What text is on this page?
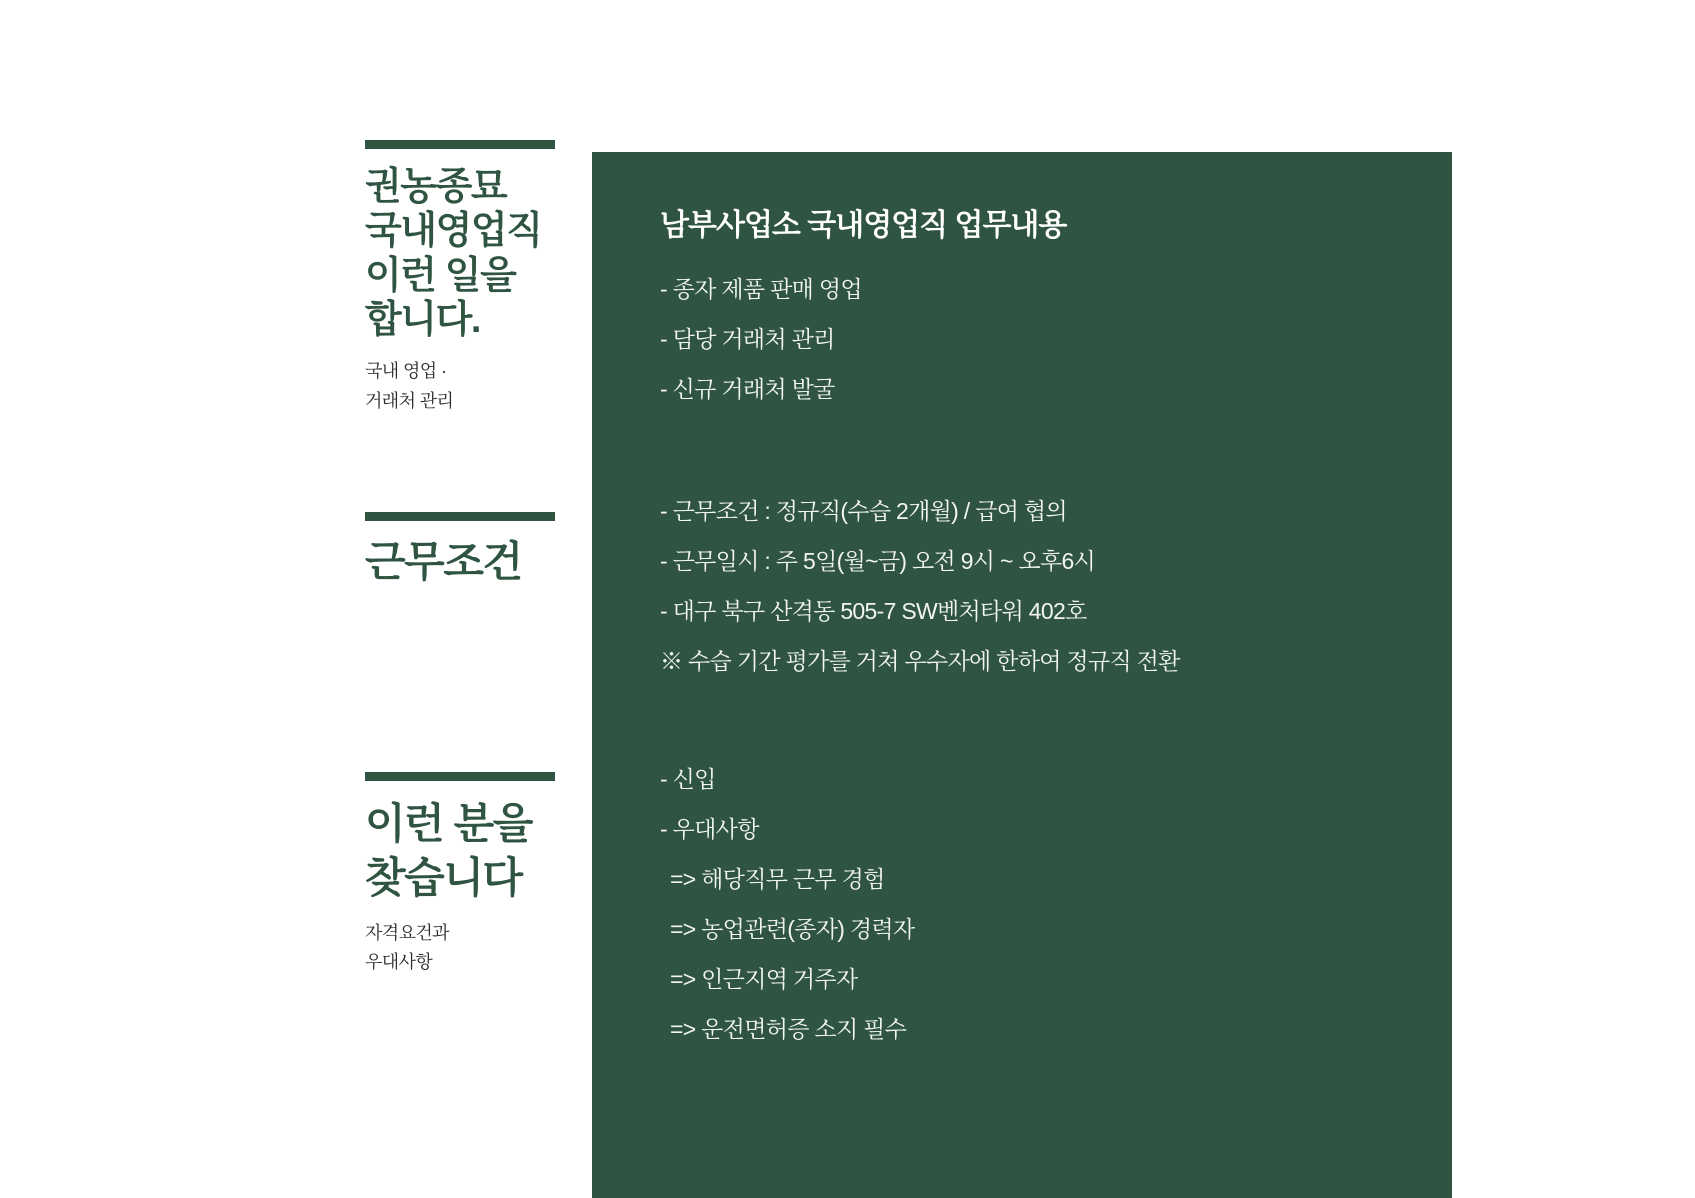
권농종묘
국내영업직
이런 일을
합니다.
국내 영업 ·
거래처 관리
근무조건
이런 분을
찾습니다
자격요건과
우대사항
남부사업소 국내영업직 업무내용

- 종자 제품 판매 영업

- 담당 거래처 관리

- 신규 거래처 발굴

- 근무조건 : 정규직(수습 2개월) / 급여 협의

- 근무일시 : 주 5일(월~금) 오전 9시 ~ 오후6시

- 대구 북구 산격동 505-7 SW벤처타워 402호

※ 수습 기간 평가를 거쳐 우수자에 한하여 정규직 전환

- 신입

- 우대사항

=> 해당직무 근무 경험

=> 농업관련(종자) 경력자

=> 인근지역 거주자

=> 운전면허증 소지 필수
